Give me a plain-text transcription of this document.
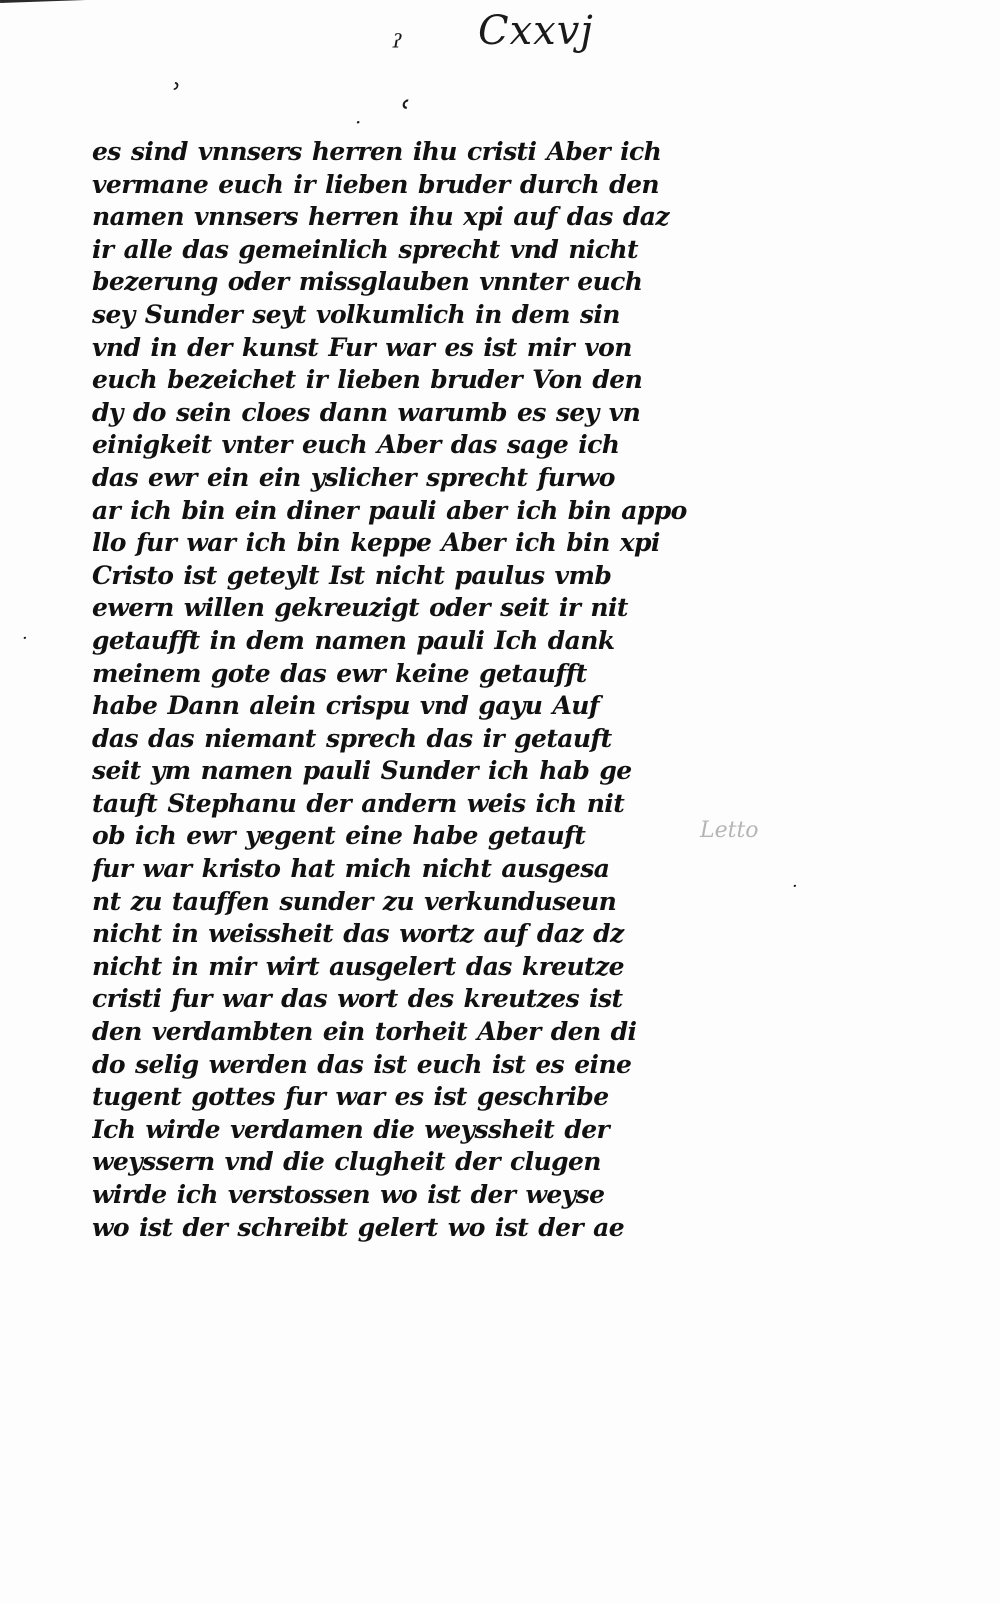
Cxxvj
ˀ
ʾ	˓
·
·
·
es sind vnnsers herren ihu cristi Aber ich
vermane euch ir lieben bruder durch den
namen vnnsers herren ihu xpi auf das daz
ir alle das gemeinlich sprecht vnd nicht
bezerung oder missglauben vnnter euch
sey Sunder seyt volkumlich in dem sin
vnd in der kunst Fur war es ist mir von
euch bezeichet ir lieben bruder Von den
dy do sein cloes dann warumb es sey vn
einigkeit vnter euch Aber das sage ich
das ewr ein ein yslicher sprecht furwo
ar ich bin ein diner pauli aber ich bin appo
llo fur war ich bin keppe Aber ich bin xpi
Cristo ist geteylt Ist nicht paulus vmb
ewern willen gekreuzigt oder seit ir nit
getaufft in dem namen pauli Ich dank
meinem gote das ewr keine getaufft
habe Dann alein crispu vnd gayu Auf
das das niemant sprech das ir getauft
seit ym namen pauli Sunder ich hab ge
tauft Stephanu der andern weis ich nit
ob ich ewr yegent eine habe getauft
fur war kristo hat mich nicht ausgesa
nt zu tauffen sunder zu verkunduseun
nicht in weissheit das wortz auf daz dz
nicht in mir wirt ausgelert das kreutze
cristi fur war das wort des kreutzes ist
den verdambten ein torheit Aber den di
do selig werden das ist euch ist es eine
tugent gottes fur war es ist geschribe
Ich wirde verdamen die weyssheit der
weyssern vnd die clugheit der clugen
wirde ich verstossen wo ist der weyse
wo ist der schreibt gelert wo ist der ae
Letto
